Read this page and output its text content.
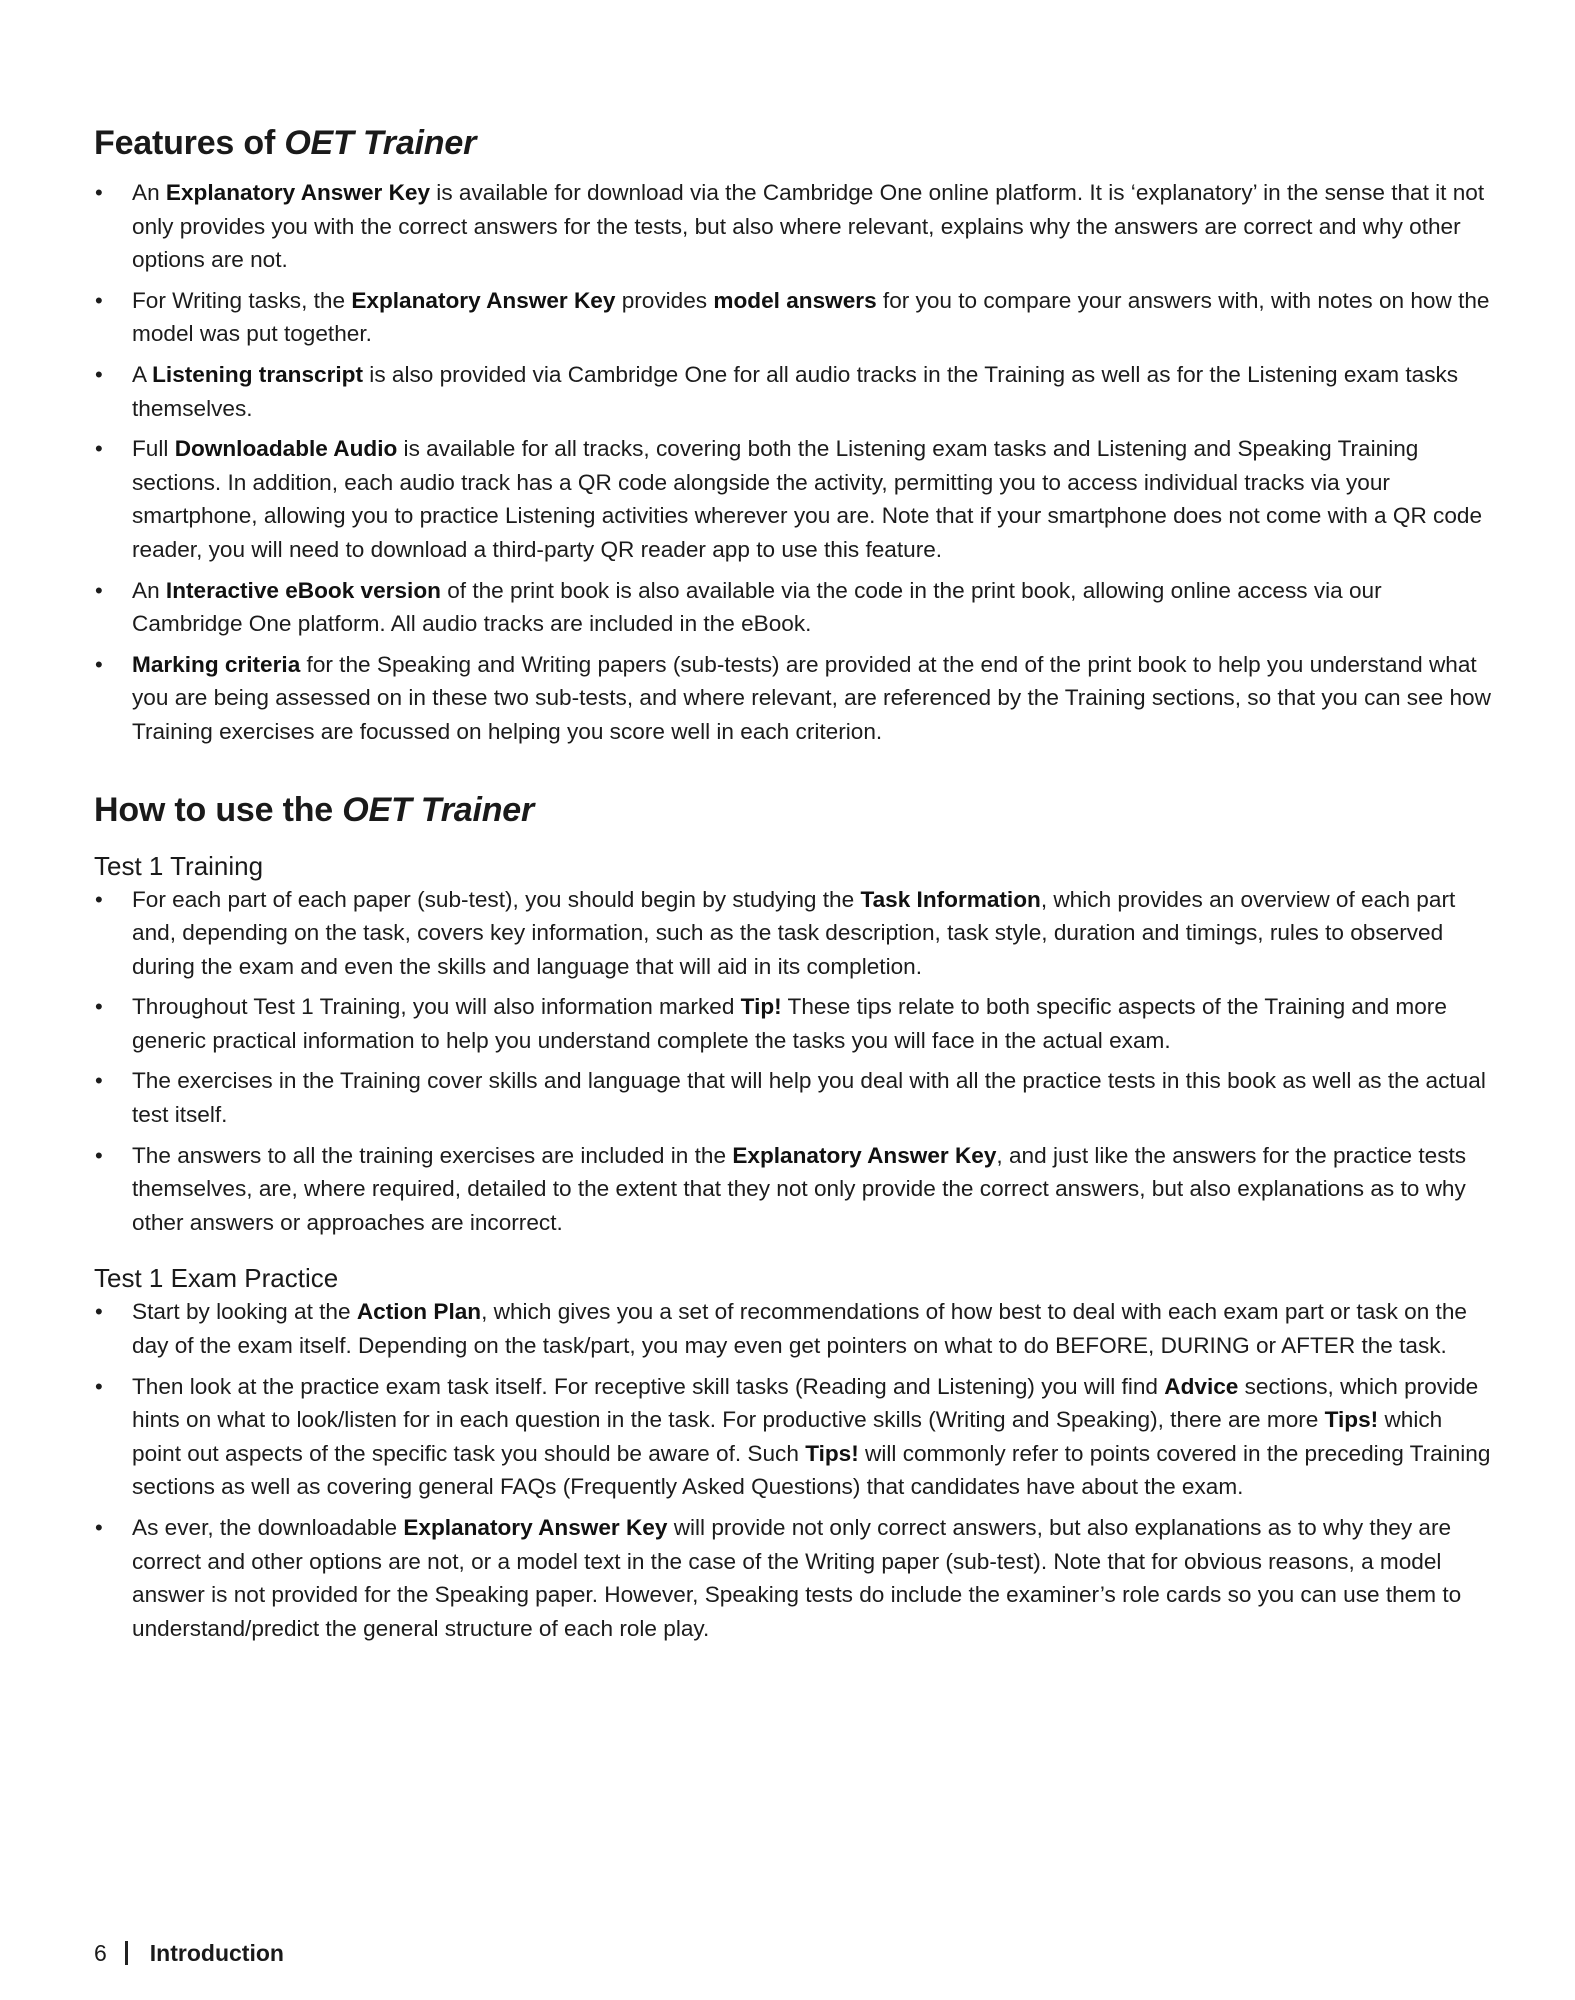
Features of OET Trainer
• An Explanatory Answer Key is available for download via the Cambridge One online platform. It is ‘explanatory’ in the sense that it not only provides you with the correct answers for the tests, but also where relevant, explains why the answers are correct and why other options are not.
• For Writing tasks, the Explanatory Answer Key provides model answers for you to compare your answers with, with notes on how the model was put together.
• A Listening transcript is also provided via Cambridge One for all audio tracks in the Training as well as for the Listening exam tasks themselves.
• Full Downloadable Audio is available for all tracks, covering both the Listening exam tasks and Listening and Speaking Training sections. In addition, each audio track has a QR code alongside the activity, permitting you to access individual tracks via your smartphone, allowing you to practice Listening activities wherever you are. Note that if your smartphone does not come with a QR code reader, you will need to download a third-party QR reader app to use this feature.
• An Interactive eBook version of the print book is also available via the code in the print book, allowing online access via our Cambridge One platform. All audio tracks are included in the eBook.
• Marking criteria for the Speaking and Writing papers (sub-tests) are provided at the end of the print book to help you understand what you are being assessed on in these two sub-tests, and where relevant, are referenced by the Training sections, so that you can see how Training exercises are focussed on helping you score well in each criterion.
How to use the OET Trainer
Test 1 Training
• For each part of each paper (sub-test), you should begin by studying the Task Information, which provides an overview of each part and, depending on the task, covers key information, such as the task description, task style, duration and timings, rules to observed during the exam and even the skills and language that will aid in its completion.
• Throughout Test 1 Training, you will also information marked Tip! These tips relate to both specific aspects of the Training and more generic practical information to help you understand complete the tasks you will face in the actual exam.
• The exercises in the Training cover skills and language that will help you deal with all the practice tests in this book as well as the actual test itself.
• The answers to all the training exercises are included in the Explanatory Answer Key, and just like the answers for the practice tests themselves, are, where required, detailed to the extent that they not only provide the correct answers, but also explanations as to why other answers or approaches are incorrect.
Test 1 Exam Practice
• Start by looking at the Action Plan, which gives you a set of recommendations of how best to deal with each exam part or task on the day of the exam itself. Depending on the task/part, you may even get pointers on what to do BEFORE, DURING or AFTER the task.
• Then look at the practice exam task itself. For receptive skill tasks (Reading and Listening) you will find Advice sections, which provide hints on what to look/listen for in each question in the task. For productive skills (Writing and Speaking), there are more Tips! which point out aspects of the specific task you should be aware of. Such Tips! will commonly refer to points covered in the preceding Training sections as well as covering general FAQs (Frequently Asked Questions) that candidates have about the exam.
• As ever, the downloadable Explanatory Answer Key will provide not only correct answers, but also explanations as to why they are correct and other options are not, or a model text in the case of the Writing paper (sub-test). Note that for obvious reasons, a model answer is not provided for the Speaking paper. However, Speaking tests do include the examiner’s role cards so you can use them to understand/predict the general structure of each role play.
6 Introduction
